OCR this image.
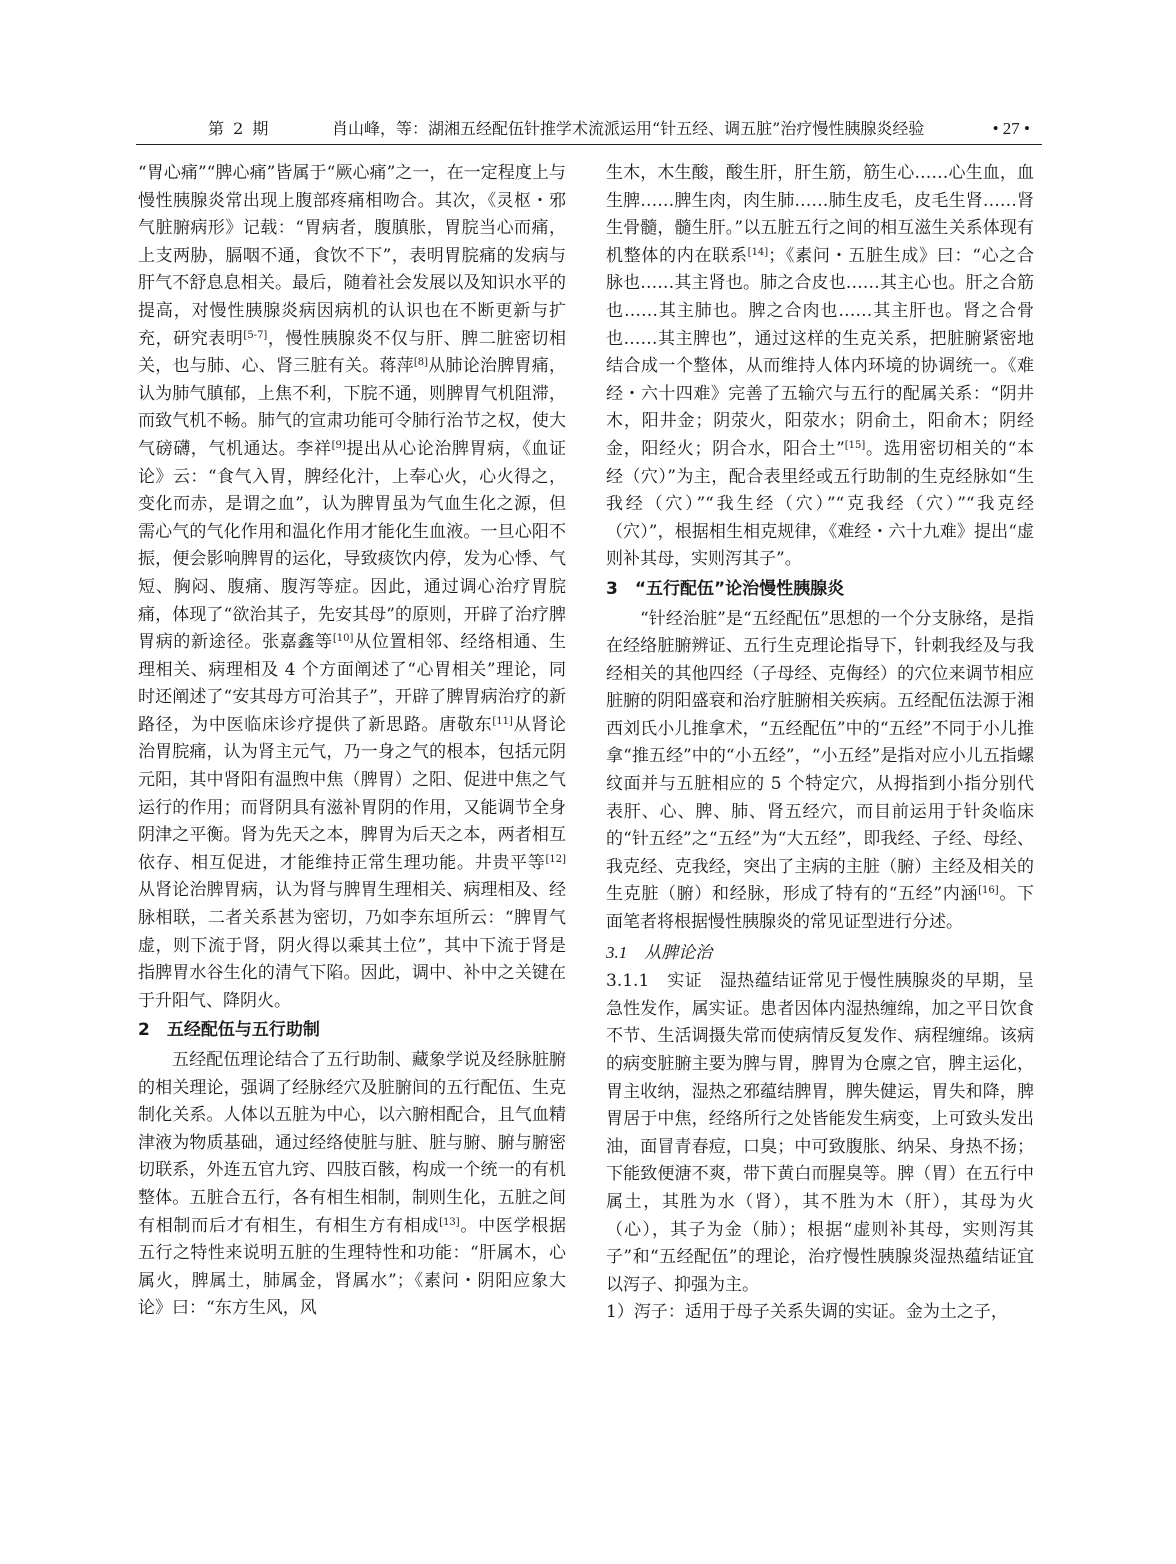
第 2 期	肖山峰，等：湖湘五经配伍针推学术流派运用“针五经、调五脏”治疗慢性胰腺炎经验	• 27 •

“胃心痛”“脾心痛”皆属于“厥心痛”之一，在一定程度上与慢性胰腺炎常出现上腹部疼痛相吻合。其次，《灵枢・邪气脏腑病形》记载：“胃病者，腹䐜胀，胃脘当心而痛，上支两胁，膈咽不通，食饮不下”，表明胃脘痛的发病与肝气不舒息息相关。最后，随着社会发展以及知识水平的提高，对慢性胰腺炎病因病机的认识也在不断更新与扩充，研究表明[5-7]，慢性胰腺炎不仅与肝、脾二脏密切相关，也与肺、心、肾三脏有关。蒋萍[8]从肺论治脾胃痛，认为肺气䐜郁，上焦不利，下脘不通，则脾胃气机阻滞，而致气机不畅。肺气的宣肃功能可令肺行治节之权，使大气磅礴，气机通达。李祥[9]提出从心论治脾胃病，《血证论》云：“食气入胃，脾经化汁，上奉心火，心火得之，变化而赤，是谓之血”，认为脾胃虽为气血生化之源，但需心气的气化作用和温化作用才能化生血液。一旦心阳不振，便会影响脾胃的运化，导致痰饮内停，发为心悸、气短、胸闷、腹痛、腹泻等症。因此，通过调心治疗胃脘痛，体现了“欲治其子，先安其母”的原则，开辟了治疗脾胃病的新途径。张嘉鑫等[10]从位置相邻、经络相通、生理相关、病理相及 4 个方面阐述了“心胃相关”理论，同时还阐述了“安其母方可治其子”，开辟了脾胃病治疗的新路径，为中医临床诊疗提供了新思路。唐敬东[11]从肾论治胃脘痛，认为肾主元气，乃一身之气的根本，包括元阴元阳，其中肾阳有温煦中焦（脾胃）之阳、促进中焦之气运行的作用；而肾阴具有滋补胃阴的作用，又能调节全身阴津之平衡。肾为先天之本，脾胃为后天之本，两者相互依存、相互促进，才能维持正常生理功能。井贵平等[12]从肾论治脾胃病，认为肾与脾胃生理相关、病理相及、经脉相联，二者关系甚为密切，乃如李东垣所云：“脾胃气虚，则下流于肾，阴火得以乘其土位”，其中下流于肾是指脾胃水谷生化的清气下陷。因此，调中、补中之关键在于升阳气、降阴火。

2　五经配伍与五行助制

五经配伍理论结合了五行助制、藏象学说及经脉脏腑的相关理论，强调了经脉经穴及脏腑间的五行配伍、生克制化关系。人体以五脏为中心，以六腑相配合，且气血精津液为物质基础，通过经络使脏与脏、脏与腑、腑与腑密切联系，外连五官九窍、四肢百骸，构成一个统一的有机整体。五脏合五行，各有相生相制，制则生化，五脏之间有相制而后才有相生，有相生方有相成[13]。中医学根据五行之特性来说明五脏的生理特性和功能：“肝属木，心属火，脾属土，肺属金，肾属水”；《素问・阴阳应象大论》曰：“东方生风，风

生木，木生酸，酸生肝，肝生筋，筋生心……心生血，血生脾……脾生肉，肉生肺……肺生皮毛，皮毛生肾……肾生骨髓，髓生肝。”以五脏五行之间的相互滋生关系体现有机整体的内在联系[14]；《素问・五脏生成》曰：“心之合脉也……其主肾也。肺之合皮也……其主心也。肝之合筋也……其主肺也。脾之合肉也……其主肝也。肾之合骨也……其主脾也”，通过这样的生克关系，把脏腑紧密地结合成一个整体，从而维持人体内环境的协调统一。《难经・六十四难》完善了五输穴与五行的配属关系：“阴井木，阳井金；阴荥火，阳荥水；阴俞土，阳俞木；阴经金，阳经火；阴合水，阳合土”[15]。选用密切相关的“本经（穴）”为主，配合表里经或五行助制的生克经脉如“生我经（穴）”“我生经（穴）”“克我经（穴）”“我克经（穴）”，根据相生相克规律，《难经・六十九难》提出“虚则补其母，实则泻其子”。

3　“五行配伍”论治慢性胰腺炎

“针经治脏”是“五经配伍”思想的一个分支脉络，是指在经络脏腑辨证、五行生克理论指导下，针刺我经及与我经相关的其他四经（子母经、克侮经）的穴位来调节相应脏腑的阴阳盛衰和治疗脏腑相关疾病。五经配伍法源于湘西刘氏小儿推拿术，“五经配伍”中的“五经”不同于小儿推拿“推五经”中的“小五经”，“小五经”是指对应小儿五指螺纹面并与五脏相应的 5 个特定穴，从拇指到小指分别代表肝、心、脾、肺、肾五经穴，而目前运用于针灸临床的“针五经”之“五经”为“大五经”，即我经、子经、母经、我克经、克我经，突出了主病的主脏（腑）主经及相关的生克脏（腑）和经脉，形成了特有的“五经”内涵[16]。下面笔者将根据慢性胰腺炎的常见证型进行分述。

3.1　从脾论治

3.1.1　实证　湿热蕴结证常见于慢性胰腺炎的早期，呈急性发作，属实证。患者因体内湿热缠绵，加之平日饮食不节、生活调摄失常而使病情反复发作、病程缠绵。该病的病变脏腑主要为脾与胃，脾胃为仓廪之官，脾主运化，胃主收纳，湿热之邪蕴结脾胃，脾失健运，胃失和降，脾胃居于中焦，经络所行之处皆能发生病变，上可致头发出油，面冒青春痘，口臭；中可致腹胀、纳呆、身热不扬；下能致便溏不爽，带下黄白而腥臭等。脾（胃）在五行中属土，其胜为水（肾），其不胜为木（肝），其母为火（心），其子为金（肺）；根据“虚则补其母，实则泻其子”和“五经配伍”的理论，治疗慢性胰腺炎湿热蕴结证宜以泻子、抑强为主。

1）泻子：适用于母子关系失调的实证。金为土之子，
